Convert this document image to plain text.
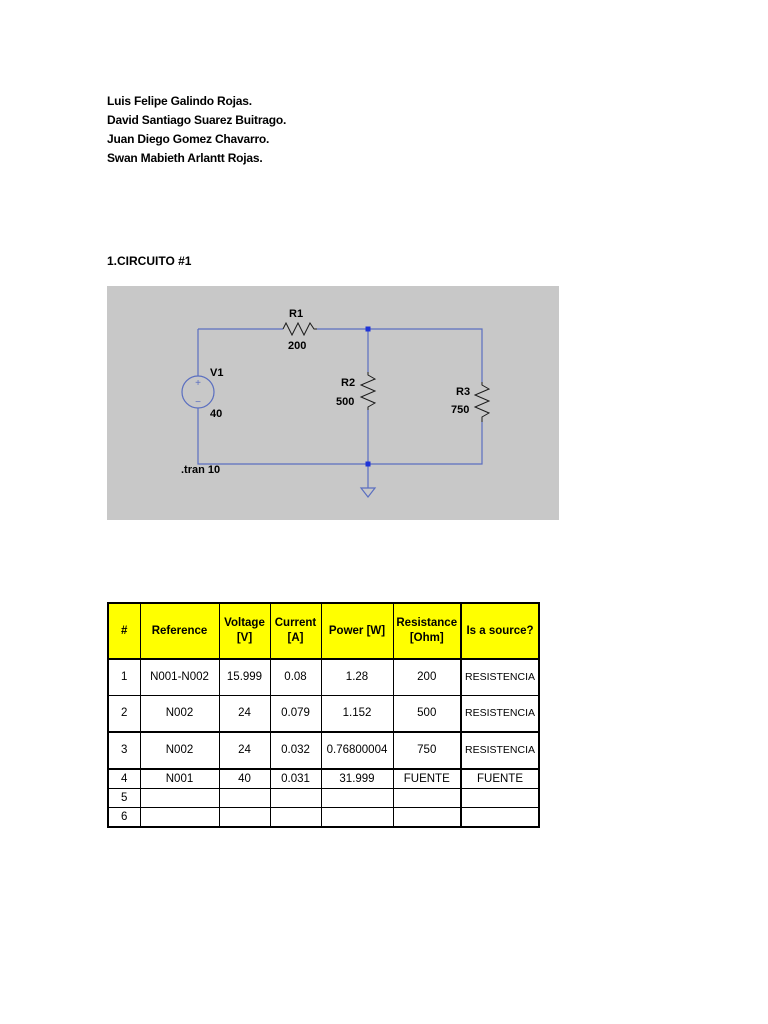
Luis Felipe Galindo Rojas.
David Santiago Suarez Buitrago.
Juan Diego Gomez Chavarro.
Swan Mabieth Arlantt Rojas.
1.CIRCUITO #1
+
−
R1
200
V1
40
R2
500
R3
750
.tran 10
#	Reference	Voltage [V]	Current [A]	Power [W]	Resistance [Ohm]	Is a source?
1	N001-N002	15.999	0.08	1.28	200	RESISTENCIA
2	N002	24	0.079	1.152	500	RESISTENCIA
3	N002	24	0.032	0.76800004	750	RESISTENCIA
4	N001	40	0.031	31.999	FUENTE	FUENTE
5						
6						
